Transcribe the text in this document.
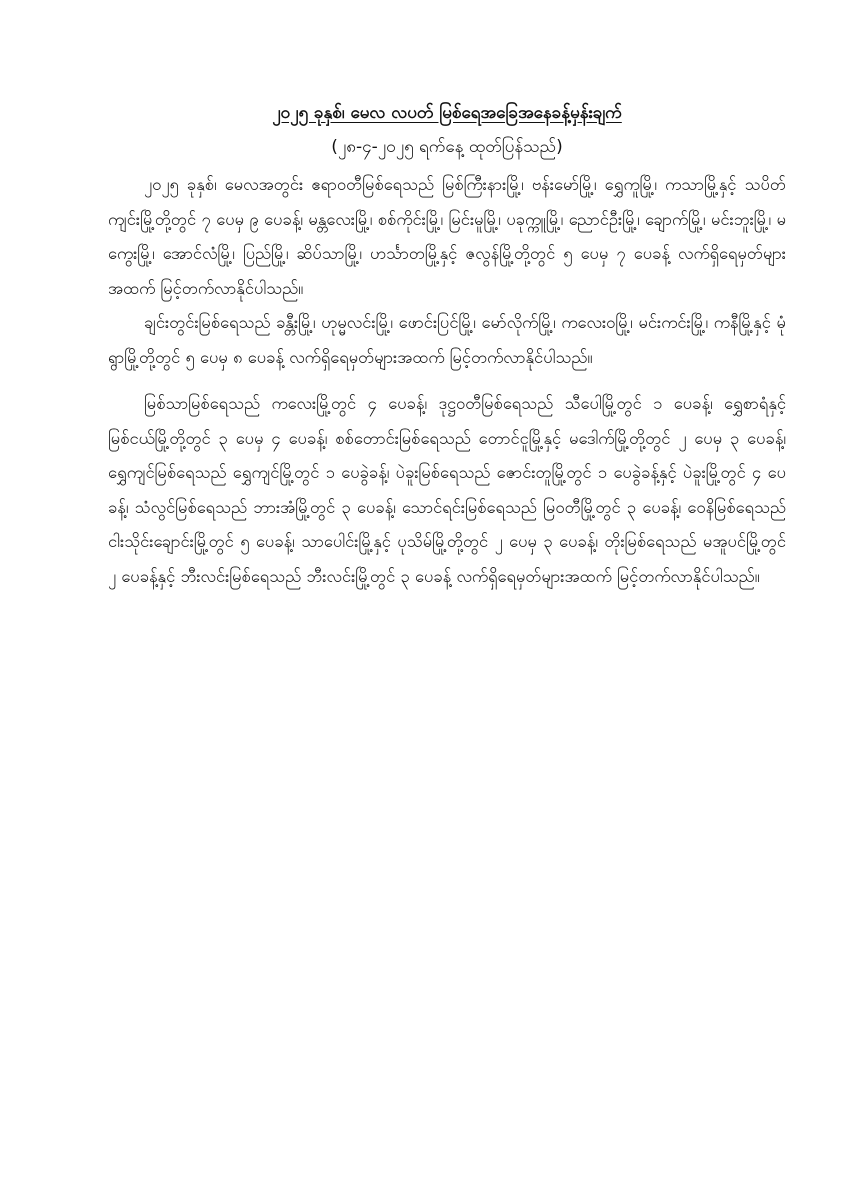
၂၀၂၅ ခုနှစ်၊ မေလ လပတ် မြစ်ရေအခြေအနေခန့်မှန်းချက်

(၂၈-၄-၂၀၂၅ ရက်နေ့ ထုတ်ပြန်သည်)

၂၀၂၅ ခုနှစ်၊ မေလအတွင်း ဧရာဝတီမြစ်ရေသည် မြစ်ကြီးနားမြို့၊ ဗန်းမော်မြို့၊ ရွှေကူမြို့၊ ကသာမြို့နှင့် သပိတ်ကျင်းမြို့တို့တွင် ၇ ပေမှ ၉ ပေခန့်၊ မန္တလေးမြို့၊ စစ်ကိုင်းမြို့၊ မြင်းမူမြို့၊ ပခုက္ကူမြို့၊ ညောင်ဦးမြို့၊ ချောက်မြို့၊ မင်းဘူးမြို့၊ မကွေးမြို့၊ အောင်လံမြို့၊ ပြည်မြို့၊ ဆိပ်သာမြို့၊ ဟင်္သာတမြို့နှင့် ဇလွန်မြို့တို့တွင် ၅ ပေမှ ၇ ပေခန့် လက်ရှိရေမှတ်များအထက် မြင့်တက်လာနိုင်ပါသည်။

ချင်းတွင်းမြစ်ရေသည် ခန္တီးမြို့၊ ဟုမ္မလင်းမြို့၊ ဖောင်းပြင်မြို့၊ မော်လိုက်မြို့၊ ကလေးဝမြို့၊ မင်းကင်းမြို့၊ ကနီမြို့နှင့် မုံရွာမြို့တို့တွင် ၅ ပေမှ ၈ ပေခန့် လက်ရှိရေမှတ်များအထက် မြင့်တက်လာနိုင်ပါသည်။

မြစ်သာမြစ်ရေသည် ကလေးမြို့တွင် ၄ ပေခန့်၊ ဒုဋ္ဌဝတီမြစ်ရေသည် သီပေါမြို့တွင် ၁ ပေခန့်၊ ရွှေစာရံနှင့် မြစ်ငယ်မြို့တို့တွင် ၃ ပေမှ ၄ ပေခန့်၊ စစ်တောင်းမြစ်ရေသည် တောင်ငူမြို့နှင့် မဒေါက်မြို့တို့တွင် ၂ ပေမှ ၃ ပေခန့်၊ ရွှေကျင်မြစ်ရေသည် ရွှေကျင်မြို့တွင် ၁ ပေခွဲခန့်၊ ပဲခူးမြစ်ရေသည် ဇောင်းတူမြို့တွင် ၁ ပေခွဲခန့်နှင့် ပဲခူးမြို့တွင် ၄ ပေခန့်၊ သံလွင်မြစ်ရေသည် ဘားအံမြို့တွင် ၃ ပေခန့်၊ သောင်ရင်းမြစ်ရေသည် မြဝတီမြို့တွင် ၃ ပေခန့်၊ ဝေနိမြစ်ရေသည် ငါးသိုင်းချောင်းမြို့တွင် ၅ ပေခန့်၊ သာပေါင်းမြို့နှင့် ပုသိမ်မြို့တို့တွင် ၂ ပေမှ ၃ ပေခန့်၊ တိုးမြစ်ရေသည် မအူပင်မြို့တွင် ၂ ပေခန့်နှင့် ဘီးလင်းမြစ်ရေသည် ဘီးလင်းမြို့တွင် ၃ ပေခန့် လက်ရှိရေမှတ်များအထက် မြင့်တက်လာနိုင်ပါသည်။
